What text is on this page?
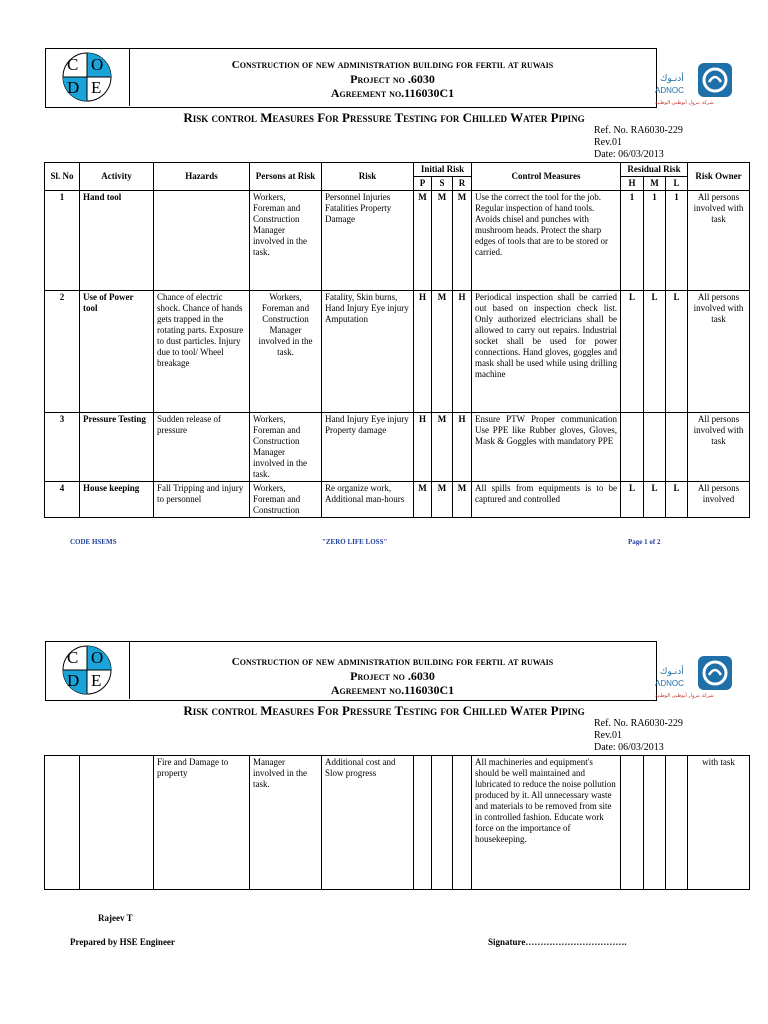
C O
D E
Construction of new administration building for fertil at ruwais
Project no .6030
Agreement no.116030C1
أدنـوك
ADNOC
شركة بترول أبوظبي الوطنية
Risk control Measures For Pressure Testing for Chilled Water Piping
Ref. No. RA6030-229
Rev.01
Date: 06/03/2013
Sl. No	Activity	Hazards	Persons at Risk	Risk	Initial Risk			Control Measures	Residual Risk			Risk Owner
					P	S	R		H	M	L	
1	Hand tool		Workers, Foreman and Construction Manager involved in the task.	Personnel Injuries Fatalities Property Damage	M	M	M	Use the correct the tool for the job. Regular inspection of hand tools. Avoids chisel and punches with mushroom heads. Protect the sharp edges of tools that are to be stored or carried.	1	1	1	All persons involved with task
2	Use of Power tool	Chance of electric shock. Chance of hands gets trapped in the rotating parts. Exposure to dust particles. Injury due to tool/ Wheel breakage	Workers, Foreman and Construction Manager involved in the task.	Fatality, Skin burns, Hand Injury Eye injury Amputation	H	M	H	Periodical inspection shall be carried out based on inspection check list. Only authorized electricians shall be allowed to carry out repairs. Industrial socket shall be used for power connections. Hand gloves, goggles and mask shall be used while using drilling machine	L	L	L	All persons involved with task
3	Pressure Testing	Sudden release of pressure	Workers, Foreman and Construction Manager involved in the task.	Hand Injury Eye injury Property damage	H	M	H	Ensure PTW Proper communication Use PPE like Rubber gloves, Gloves, Mask & Goggles with mandatory PPE				All persons involved with task
4	House keeping	Fall Tripping and injury to personnel	Workers, Foreman and Construction	Re organize work, Additional man-hours	M	M	M	All spills from equipments is to be captured and controlled	L	L	L	All persons involved
CODE HSEMS	"ZERO LIFE LOSS"	Page 1 of 2
C O
D E
Construction of new administration building for fertil at ruwais
Project no .6030
Agreement no.116030C1
أدنـوك
ADNOC
شركة بترول أبوظبي الوطنية
Risk control Measures For Pressure Testing for Chilled Water Piping
Ref. No. RA6030-229
Rev.01
Date: 06/03/2013
		Fire and Damage to property	Manager involved in the task.	Additional cost and Slow progress				All machineries and equipment's should be well maintained and lubricated to reduce the noise pollution produced by it. All unnecessary waste and materials to be removed from site in controlled fashion. Educate work force on the importance of housekeeping.				with task
Rajeev T
Prepared by HSE Engineer	Signature…………………………….
